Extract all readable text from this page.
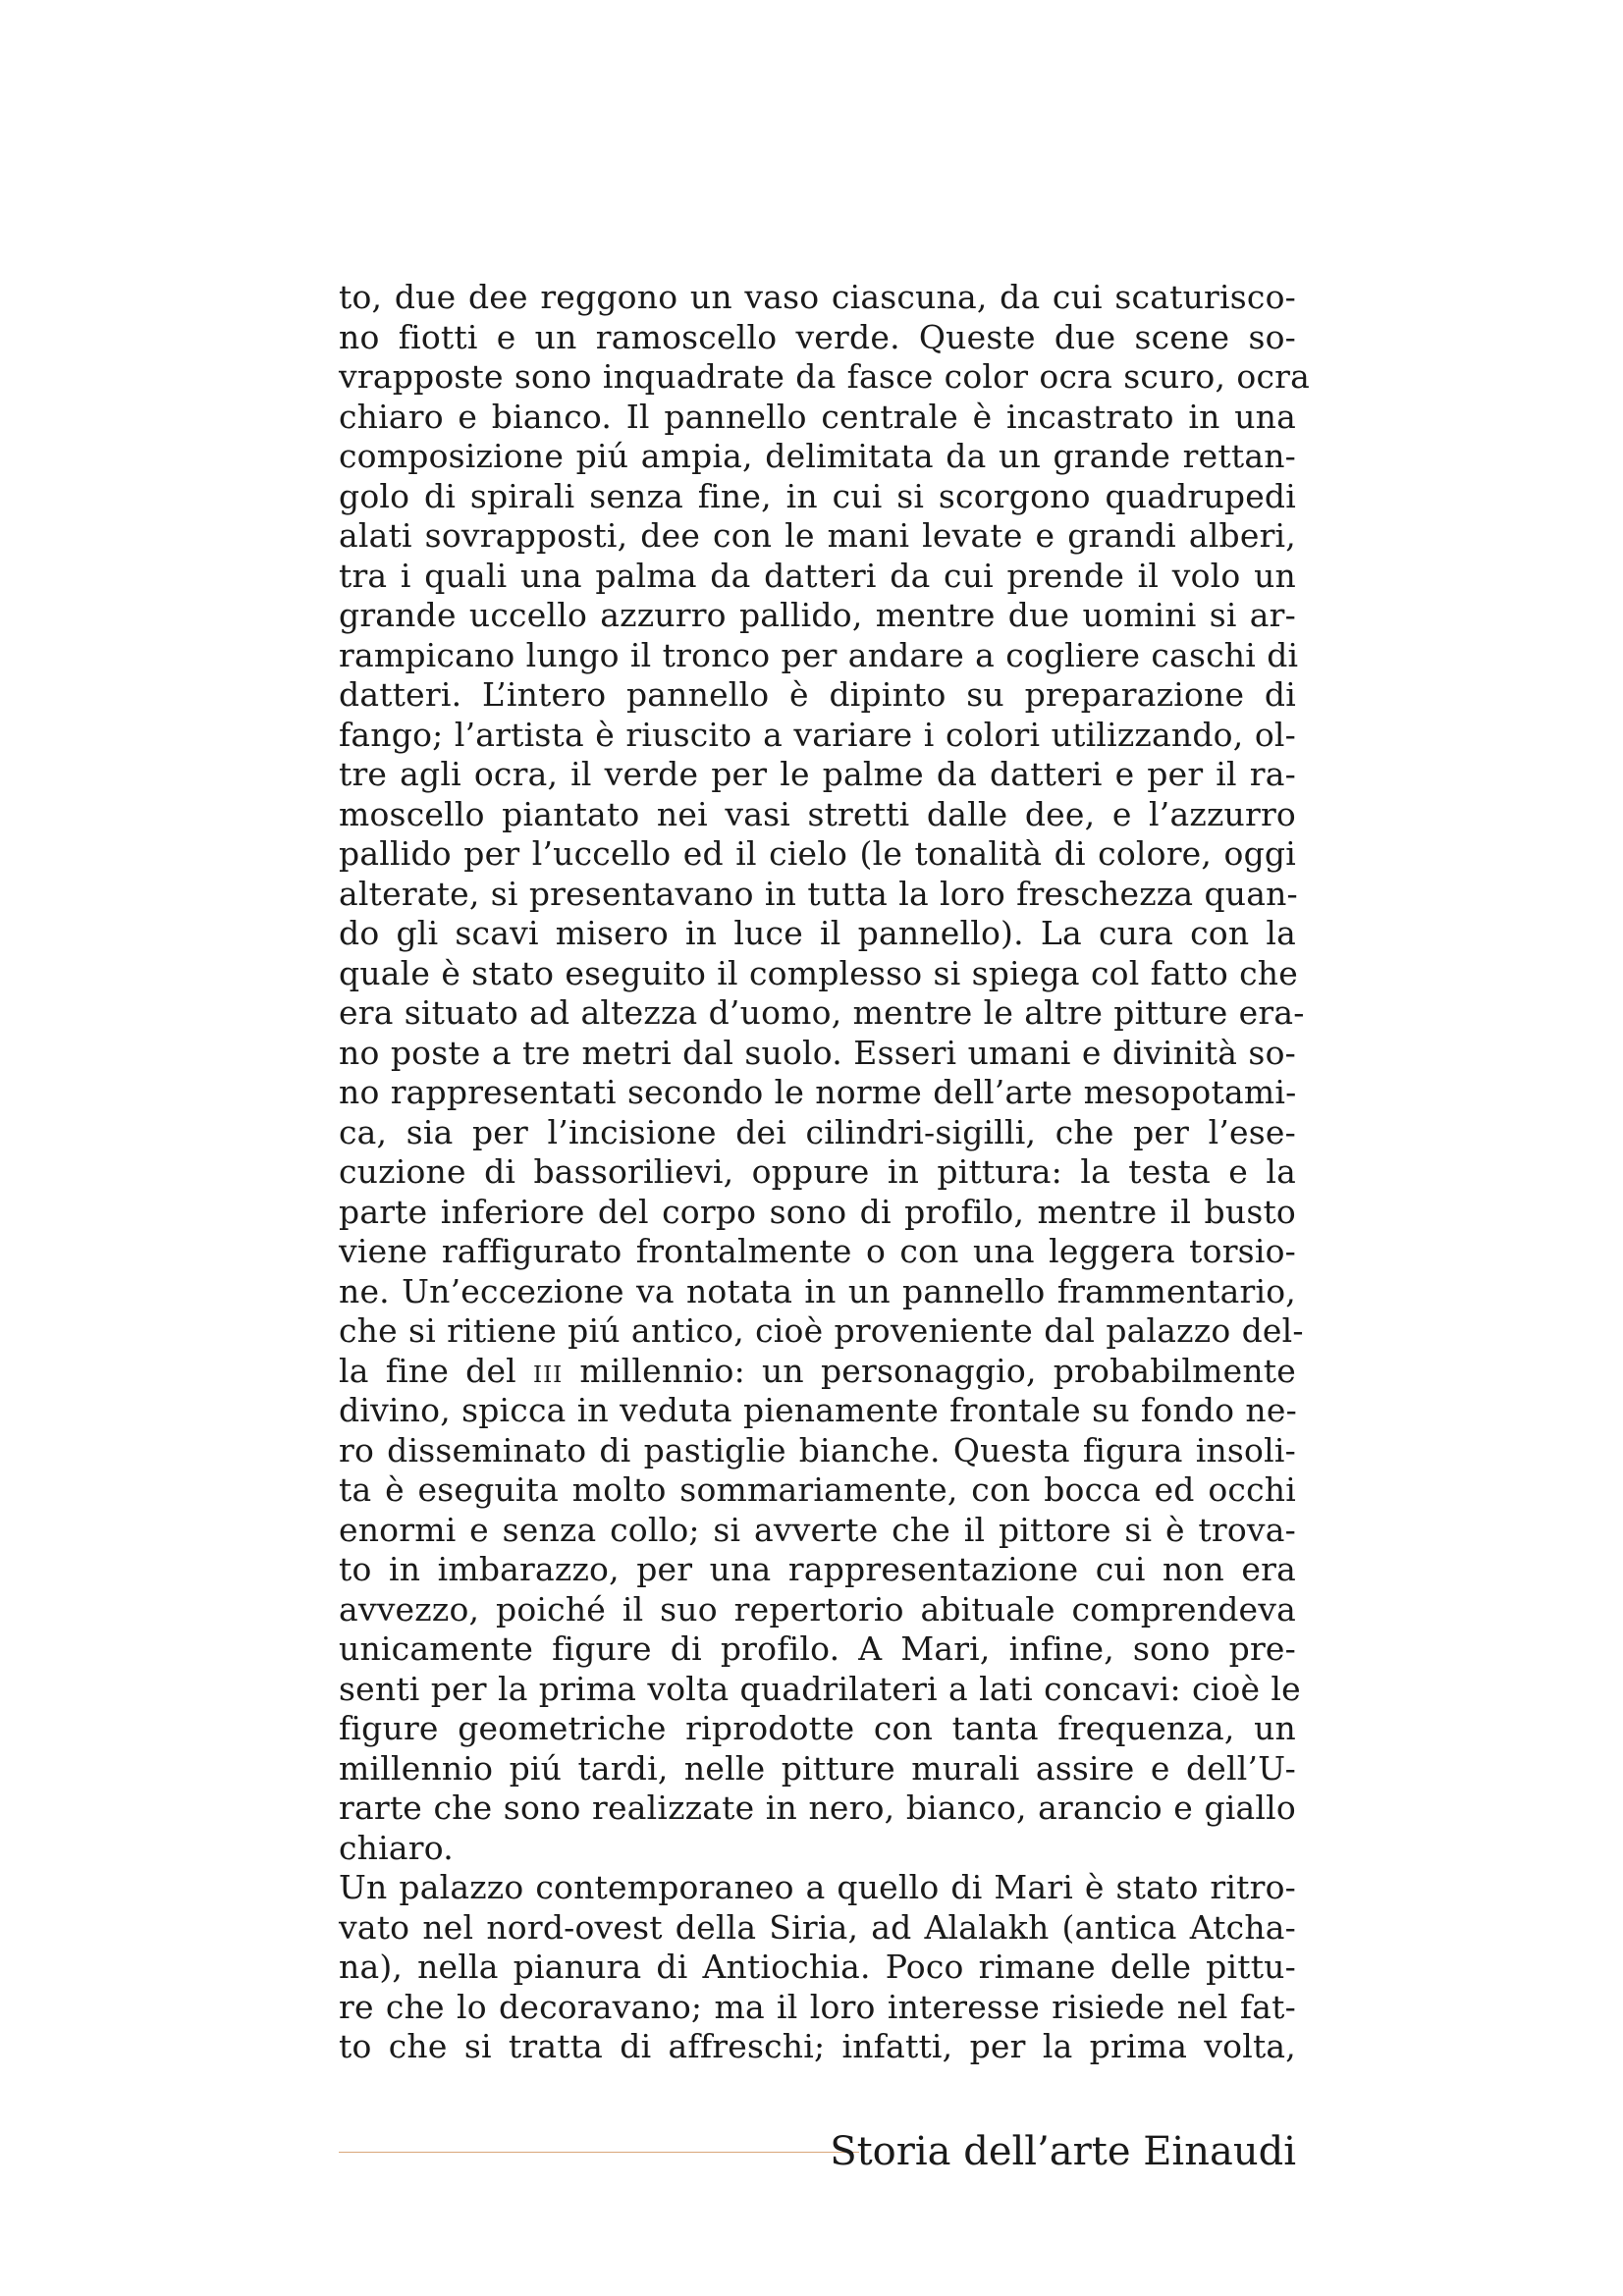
to, due dee reggono un vaso ciascuna, da cui scaturisco-
no fiotti e un ramoscello verde. Queste due scene so-
vrapposte sono inquadrate da fasce color ocra scuro, ocra
chiaro e bianco. Il pannello centrale è incastrato in una
composizione piú ampia, delimitata da un grande rettan-
golo di spirali senza fine, in cui si scorgono quadrupedi
alati sovrapposti, dee con le mani levate e grandi alberi,
tra i quali una palma da datteri da cui prende il volo un
grande uccello azzurro pallido, mentre due uomini si ar-
rampicano lungo il tronco per andare a cogliere caschi di
datteri. L’intero pannello è dipinto su preparazione di
fango; l’artista è riuscito a variare i colori utilizzando, ol-
tre agli ocra, il verde per le palme da datteri e per il ra-
moscello piantato nei vasi stretti dalle dee, e l’azzurro
pallido per l’uccello ed il cielo (le tonalità di colore, oggi
alterate, si presentavano in tutta la loro freschezza quan-
do gli scavi misero in luce il pannello). La cura con la
quale è stato eseguito il complesso si spiega col fatto che
era situato ad altezza d’uomo, mentre le altre pitture era-
no poste a tre metri dal suolo. Esseri umani e divinità so-
no rappresentati secondo le norme dell’arte mesopotami-
ca, sia per l’incisione dei cilindri-sigilli, che per l’ese-
cuzione di bassorilievi, oppure in pittura: la testa e la
parte inferiore del corpo sono di profilo, mentre il busto
viene raffigurato frontalmente o con una leggera torsio-
ne. Un’eccezione va notata in un pannello frammentario,
che si ritiene piú antico, cioè proveniente dal palazzo del-
la fine del iii millennio: un personaggio, probabilmente
divino, spicca in veduta pienamente frontale su fondo ne-
ro disseminato di pastiglie bianche. Questa figura insoli-
ta è eseguita molto sommariamente, con bocca ed occhi
enormi e senza collo; si avverte che il pittore si è trova-
to in imbarazzo, per una rappresentazione cui non era
avvezzo, poiché il suo repertorio abituale comprendeva
unicamente figure di profilo. A Mari, infine, sono pre-
senti per la prima volta quadrilateri a lati concavi: cioè le
figure geometriche riprodotte con tanta frequenza, un
millennio piú tardi, nelle pitture murali assire e dell’U-
rarte che sono realizzate in nero, bianco, arancio e giallo
chiaro.
Un palazzo contemporaneo a quello di Mari è stato ritro-
vato nel nord-ovest della Siria, ad Alalakh (antica Atcha-
na), nella pianura di Antiochia. Poco rimane delle pittu-
re che lo decoravano; ma il loro interesse risiede nel fat-
to che si tratta di affreschi; infatti, per la prima volta,
Storia dell’arte Einaudi
